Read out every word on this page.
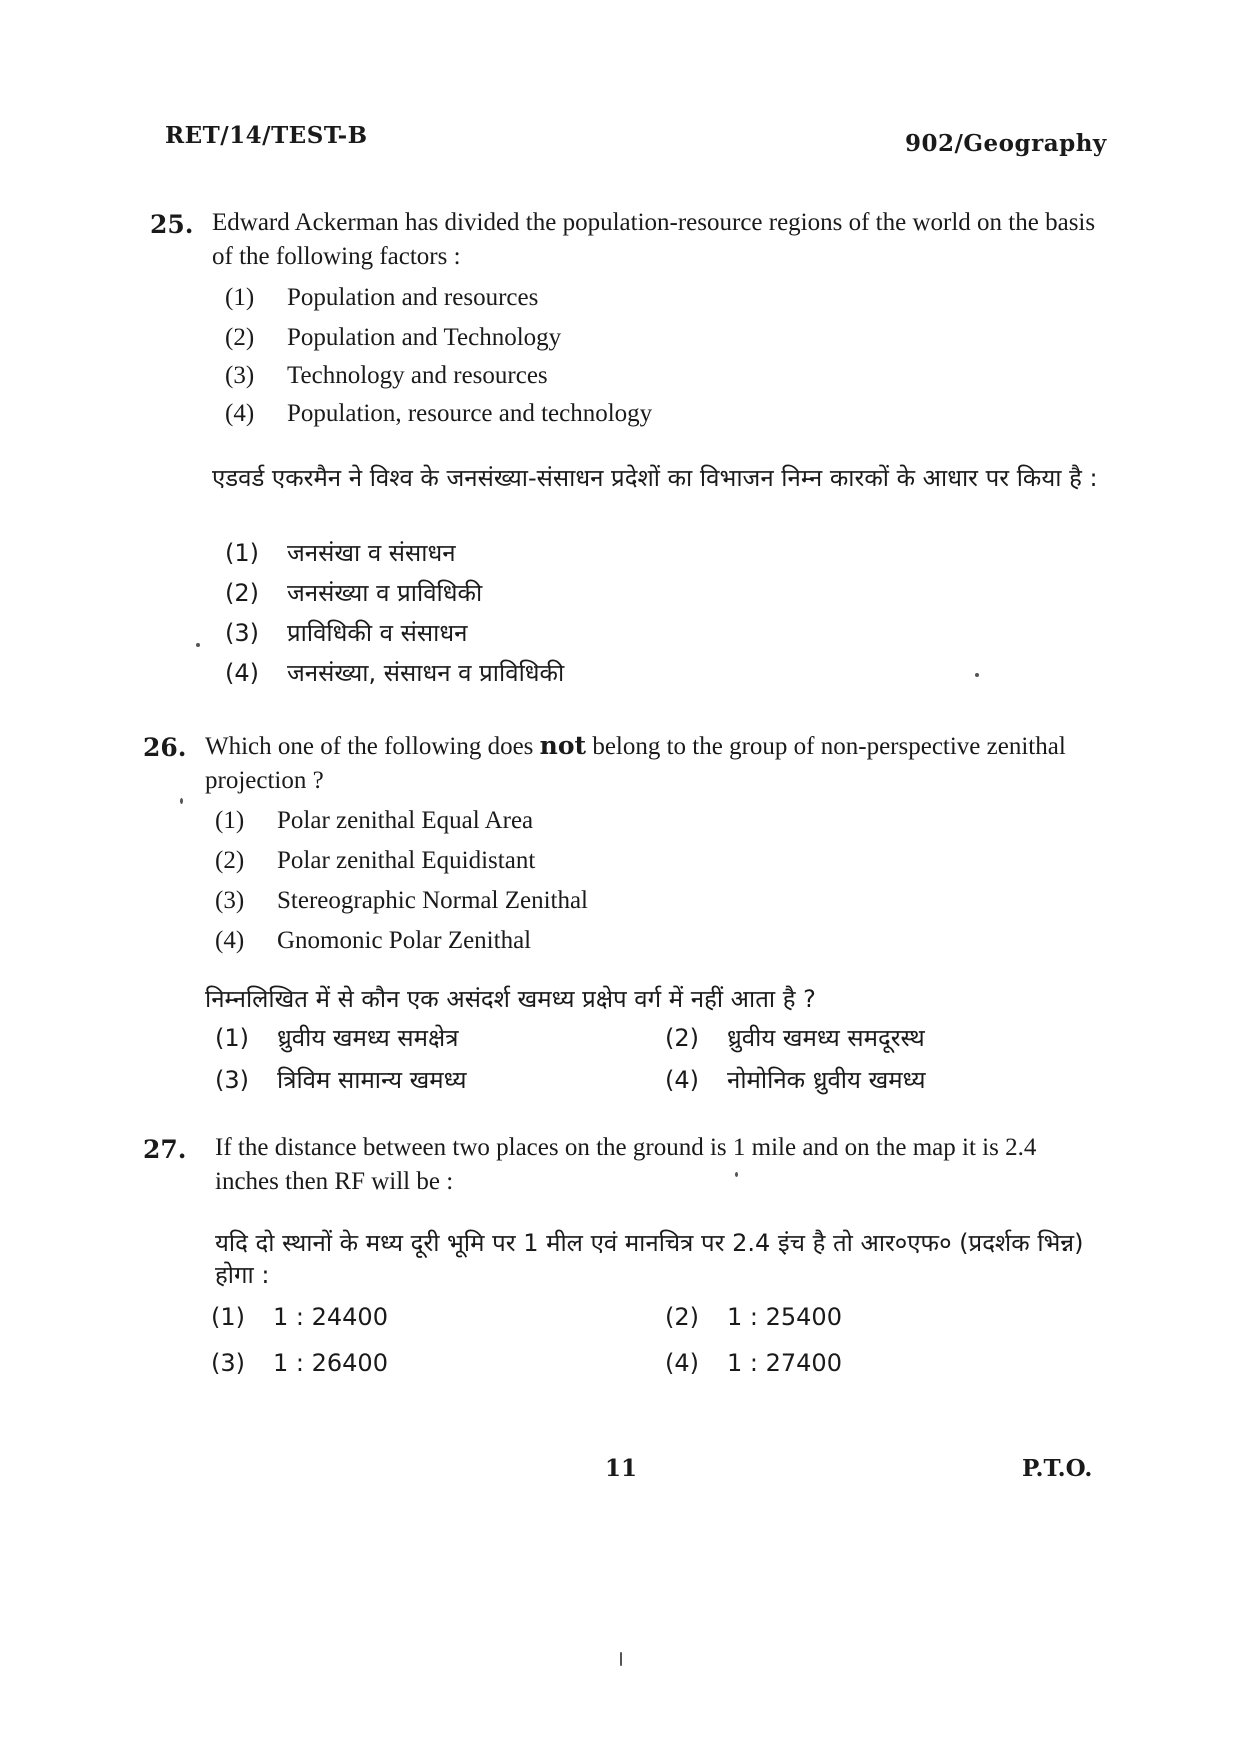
RET/14/TEST-B	902/Geography
25. Edward Ackerman has divided the population-resource regions of the world on the basis of the following factors :
(1) Population and resources
(2) Population and Technology
(3) Technology and resources
(4) Population, resource and technology
एडवर्ड एकरमैन ने विश्व के जनसंख्या-संसाधन प्रदेशों का विभाजन निम्न कारकों के आधार पर किया है :
(1) जनसंखा व संसाधन
(2) जनसंख्या व प्राविधिकी
(3) प्राविधिकी व संसाधन
(4) जनसंख्या, संसाधन व प्राविधिकी
26. Which one of the following does not belong to the group of non-perspective zenithal projection ?
(1) Polar zenithal Equal Area
(2) Polar zenithal Equidistant
(3) Stereographic Normal Zenithal
(4) Gnomonic Polar Zenithal
निम्नलिखित में से कौन एक असंदर्श खमध्य प्रक्षेप वर्ग में नहीं आता है ?
(1) ध्रुवीय खमध्य समक्षेत्र	(2) ध्रुवीय खमध्य समदूरस्थ
(3) त्रिविम सामान्य खमध्य	(4) नोमोनिक ध्रुवीय खमध्य
27. If the distance between two places on the ground is 1 mile and on the map it is 2.4 inches then RF will be :
यदि दो स्थानों के मध्य दूरी भूमि पर 1 मील एवं मानचित्र पर 2.4 इंच है तो आर०एफ० (प्रदर्शक भिन्न) होगा :
(1) 1 : 24400	(2) 1 : 25400
(3) 1 : 26400	(4) 1 : 27400
11	P.T.O.
